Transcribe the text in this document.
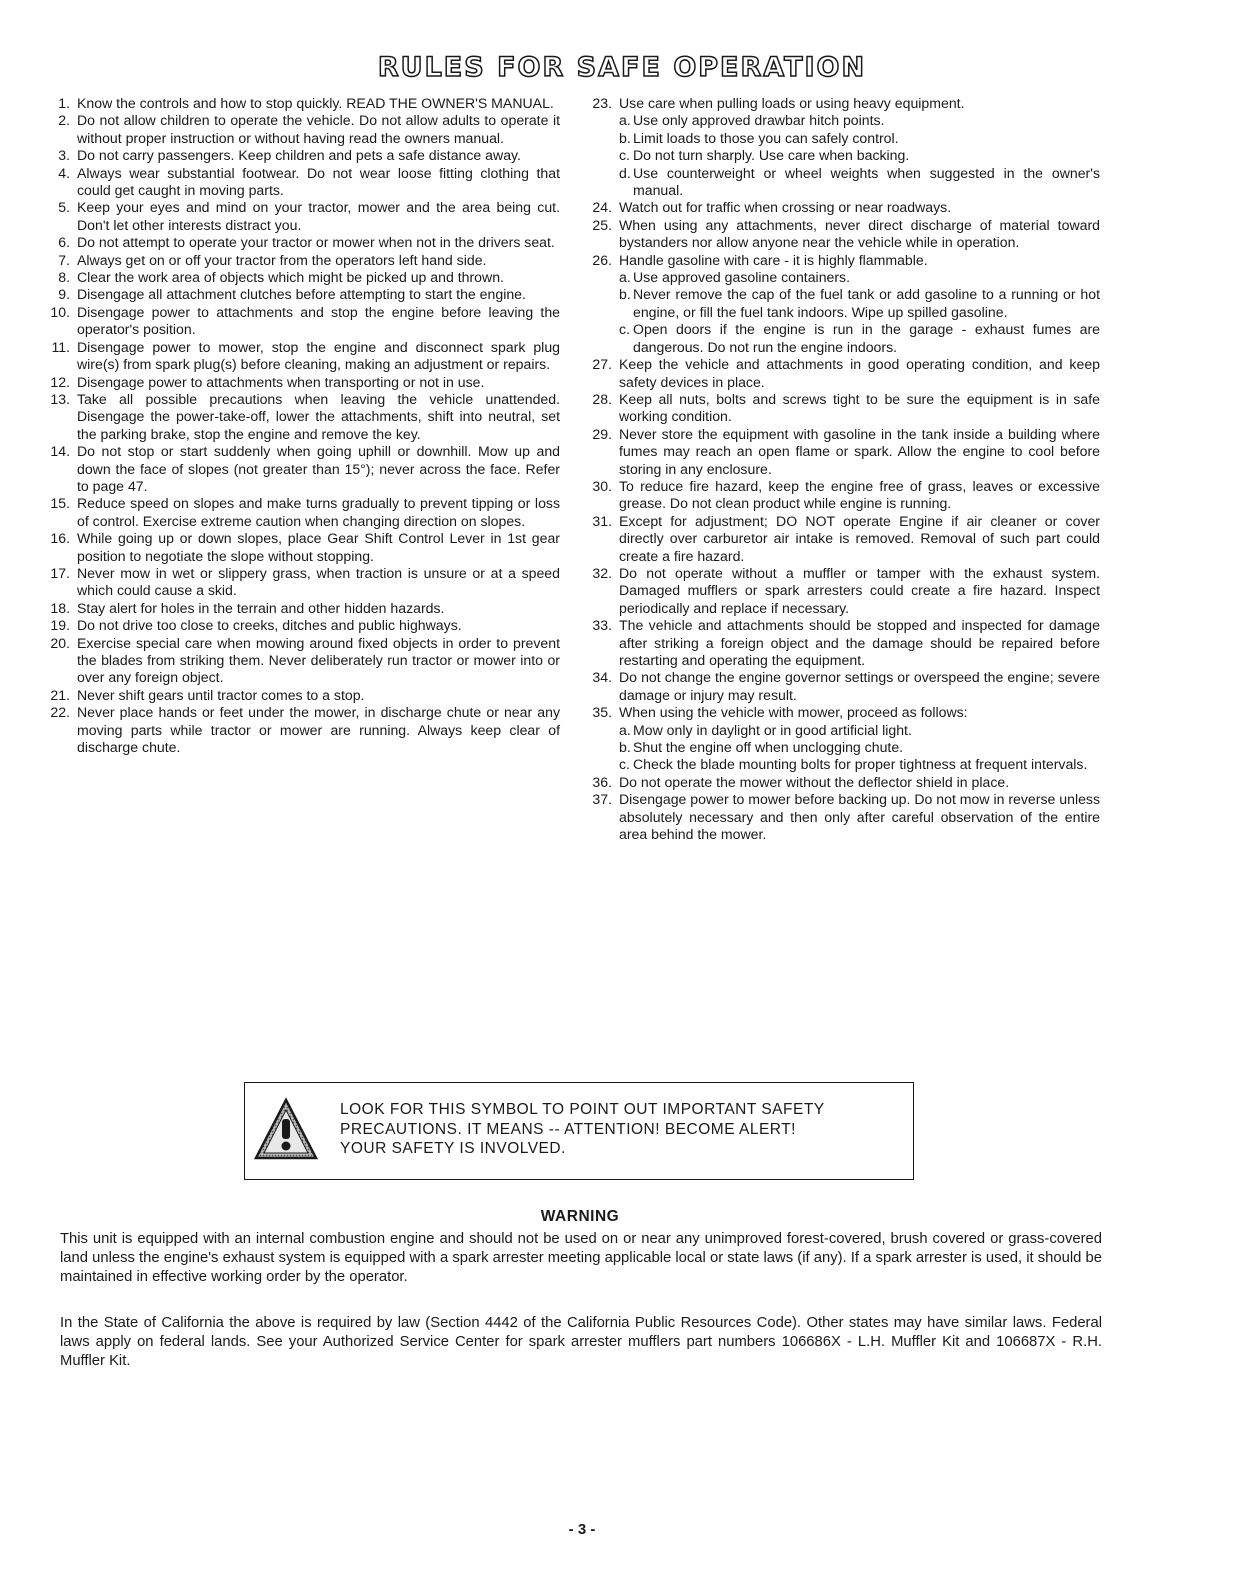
RULES FOR SAFE OPERATION
1. Know the controls and how to stop quickly. READ THE OWNER'S MANUAL.
2. Do not allow children to operate the vehicle. Do not allow adults to operate it without proper instruction or without having read the owners manual.
3. Do not carry passengers. Keep children and pets a safe distance away.
4. Always wear substantial footwear. Do not wear loose fitting clothing that could get caught in moving parts.
5. Keep your eyes and mind on your tractor, mower and the area being cut. Don't let other interests distract you.
6. Do not attempt to operate your tractor or mower when not in the drivers seat.
7. Always get on or off your tractor from the operators left hand side.
8. Clear the work area of objects which might be picked up and thrown.
9. Disengage all attachment clutches before attempting to start the engine.
10. Disengage power to attachments and stop the engine before leaving the operator's position.
11. Disengage power to mower, stop the engine and disconnect spark plug wire(s) from spark plug(s) before cleaning, making an adjustment or repairs.
12. Disengage power to attachments when transporting or not in use.
13. Take all possible precautions when leaving the vehicle unattended. Disengage the power-take-off, lower the attachments, shift into neutral, set the parking brake, stop the engine and remove the key.
14. Do not stop or start suddenly when going uphill or downhill. Mow up and down the face of slopes (not greater than 15°); never across the face. Refer to page 47.
15. Reduce speed on slopes and make turns gradually to prevent tipping or loss of control. Exercise extreme caution when changing direction on slopes.
16. While going up or down slopes, place Gear Shift Control Lever in 1st gear position to negotiate the slope without stopping.
17. Never mow in wet or slippery grass, when traction is unsure or at a speed which could cause a skid.
18. Stay alert for holes in the terrain and other hidden hazards.
19. Do not drive too close to creeks, ditches and public highways.
20. Exercise special care when mowing around fixed objects in order to prevent the blades from striking them. Never deliberately run tractor or mower into or over any foreign object.
21. Never shift gears until tractor comes to a stop.
22. Never place hands or feet under the mower, in discharge chute or near any moving parts while tractor or mower are running. Always keep clear of discharge chute.
23. Use care when pulling loads or using heavy equipment.
a. Use only approved drawbar hitch points.
b. Limit loads to those you can safely control.
c. Do not turn sharply. Use care when backing.
d. Use counterweight or wheel weights when suggested in the owner's manual.
24. Watch out for traffic when crossing or near roadways.
25. When using any attachments, never direct discharge of material toward bystanders nor allow anyone near the vehicle while in operation.
26. Handle gasoline with care - it is highly flammable.
a. Use approved gasoline containers.
b. Never remove the cap of the fuel tank or add gasoline to a running or hot engine, or fill the fuel tank indoors. Wipe up spilled gasoline.
c. Open doors if the engine is run in the garage - exhaust fumes are dangerous. Do not run the engine indoors.
27. Keep the vehicle and attachments in good operating condition, and keep safety devices in place.
28. Keep all nuts, bolts and screws tight to be sure the equipment is in safe working condition.
29. Never store the equipment with gasoline in the tank inside a building where fumes may reach an open flame or spark. Allow the engine to cool before storing in any enclosure.
30. To reduce fire hazard, keep the engine free of grass, leaves or excessive grease. Do not clean product while engine is running.
31. Except for adjustment; DO NOT operate Engine if air cleaner or cover directly over carburetor air intake is removed. Removal of such part could create a fire hazard.
32. Do not operate without a muffler or tamper with the exhaust system. Damaged mufflers or spark arresters could create a fire hazard. Inspect periodically and replace if necessary.
33. The vehicle and attachments should be stopped and inspected for damage after striking a foreign object and the damage should be repaired before restarting and operating the equipment.
34. Do not change the engine governor settings or overspeed the engine; severe damage or injury may result.
35. When using the vehicle with mower, proceed as follows:
a. Mow only in daylight or in good artificial light.
b. Shut the engine off when unclogging chute.
c. Check the blade mounting bolts for proper tightness at frequent intervals.
36. Do not operate the mower without the deflector shield in place.
37. Disengage power to mower before backing up. Do not mow in reverse unless absolutely necessary and then only after careful observation of the entire area behind the mower.
LOOK FOR THIS SYMBOL TO POINT OUT IMPORTANT SAFETY
PRECAUTIONS. IT MEANS -- ATTENTION! BECOME ALERT!
YOUR SAFETY IS INVOLVED.
WARNING
This unit is equipped with an internal combustion engine and should not be used on or near any unimproved forest-covered, brush covered or grass-covered land unless the engine's exhaust system is equipped with a spark arrester meeting applicable local or state laws (if any). If a spark arrester is used, it should be maintained in effective working order by the operator.
In the State of California the above is required by law (Section 4442 of the California Public Resources Code). Other states may have similar laws. Federal laws apply on federal lands. See your Authorized Service Center for spark arrester mufflers part numbers 106686X - L.H. Muffler Kit and 106687X - R.H. Muffler Kit.
- 3 -
